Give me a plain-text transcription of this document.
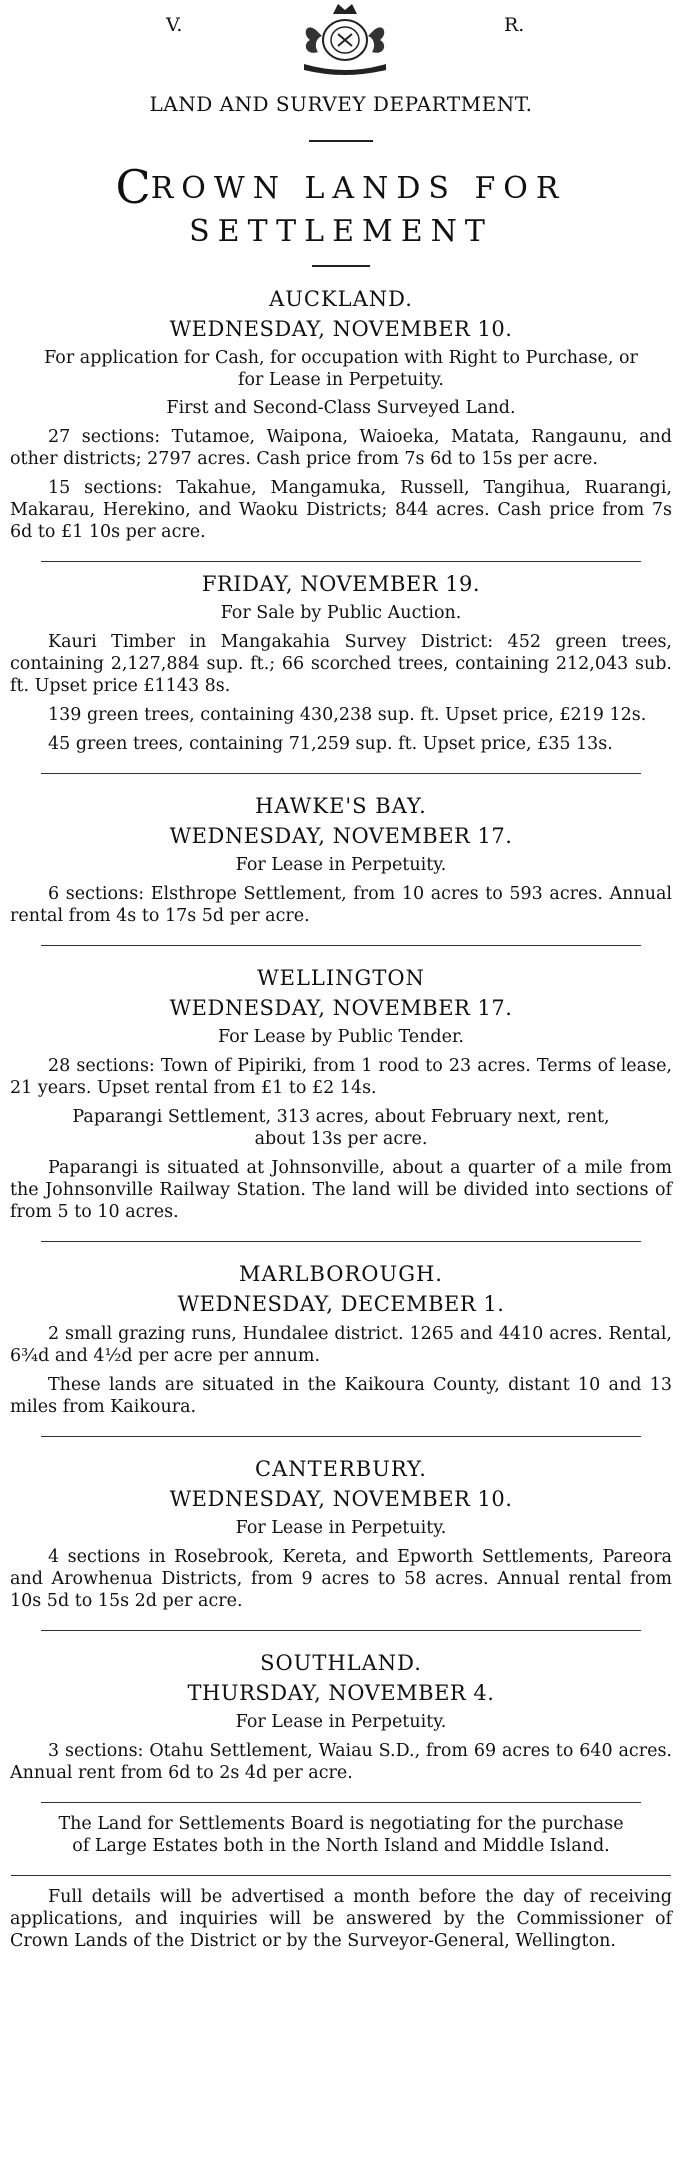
V.	R.
LAND AND SURVEY DEPARTMENT.
CROWN LANDS FOR SETTLEMENT
AUCKLAND.
WEDNESDAY, NOVEMBER 10.
For application for Cash, for occupation with Right to Purchase, or for Lease in Perpetuity.
First and Second-Class Surveyed Land.
27 sections: Tutamoe, Waipona, Waioeka, Matata, Rangaunu, and other districts; 2797 acres. Cash price from 7s 6d to 15s per acre.
15 sections: Takahue, Mangamuka, Russell, Tangihua, Ruarangi, Makarau, Herekino, and Waoku Districts; 844 acres. Cash price from 7s 6d to £1 10s per acre.
FRIDAY, NOVEMBER 19.
For Sale by Public Auction.
Kauri Timber in Mangakahia Survey District: 452 green trees, containing 2,127,884 sup. ft.; 66 scorched trees, containing 212,043 sub. ft. Upset price £1143 8s.
139 green trees, containing 430,238 sup. ft. Upset price, £219 12s.
45 green trees, containing 71,259 sup. ft. Upset price, £35 13s.
HAWKE'S BAY.
WEDNESDAY, NOVEMBER 17.
For Lease in Perpetuity.
6 sections: Elsthrope Settlement, from 10 acres to 593 acres. Annual rental from 4s to 17s 5d per acre.
WELLINGTON
WEDNESDAY, NOVEMBER 17.
For Lease by Public Tender.
28 sections: Town of Pipiriki, from 1 rood to 23 acres. Terms of lease, 21 years. Upset rental from £1 to £2 14s.
Paparangi Settlement, 313 acres, about February next, rent, about 13s per acre.
Paparangi is situated at Johnsonville, about a quarter of a mile from the Johnsonville Railway Station. The land will be divided into sections of from 5 to 10 acres.
MARLBOROUGH.
WEDNESDAY, DECEMBER 1.
2 small grazing runs, Hundalee district. 1265 and 4410 acres. Rental, 6¾d and 4½d per acre per annum.
These lands are situated in the Kaikoura County, distant 10 and 13 miles from Kaikoura.
CANTERBURY.
WEDNESDAY, NOVEMBER 10.
For Lease in Perpetuity.
4 sections in Rosebrook, Kereta, and Epworth Settlements, Pareora and Arowhenua Districts, from 9 acres to 58 acres. Annual rental from 10s 5d to 15s 2d per acre.
SOUTHLAND.
THURSDAY, NOVEMBER 4.
For Lease in Perpetuity.
3 sections: Otahu Settlement, Waiau S.D., from 69 acres to 640 acres. Annual rent from 6d to 2s 4d per acre.
The Land for Settlements Board is negotiating for the purchase of Large Estates both in the North Island and Middle Island.
Full details will be advertised a month before the day of receiving applications, and inquiries will be answered by the Commissioner of Crown Lands of the District or by the Surveyor-General, Wellington.
